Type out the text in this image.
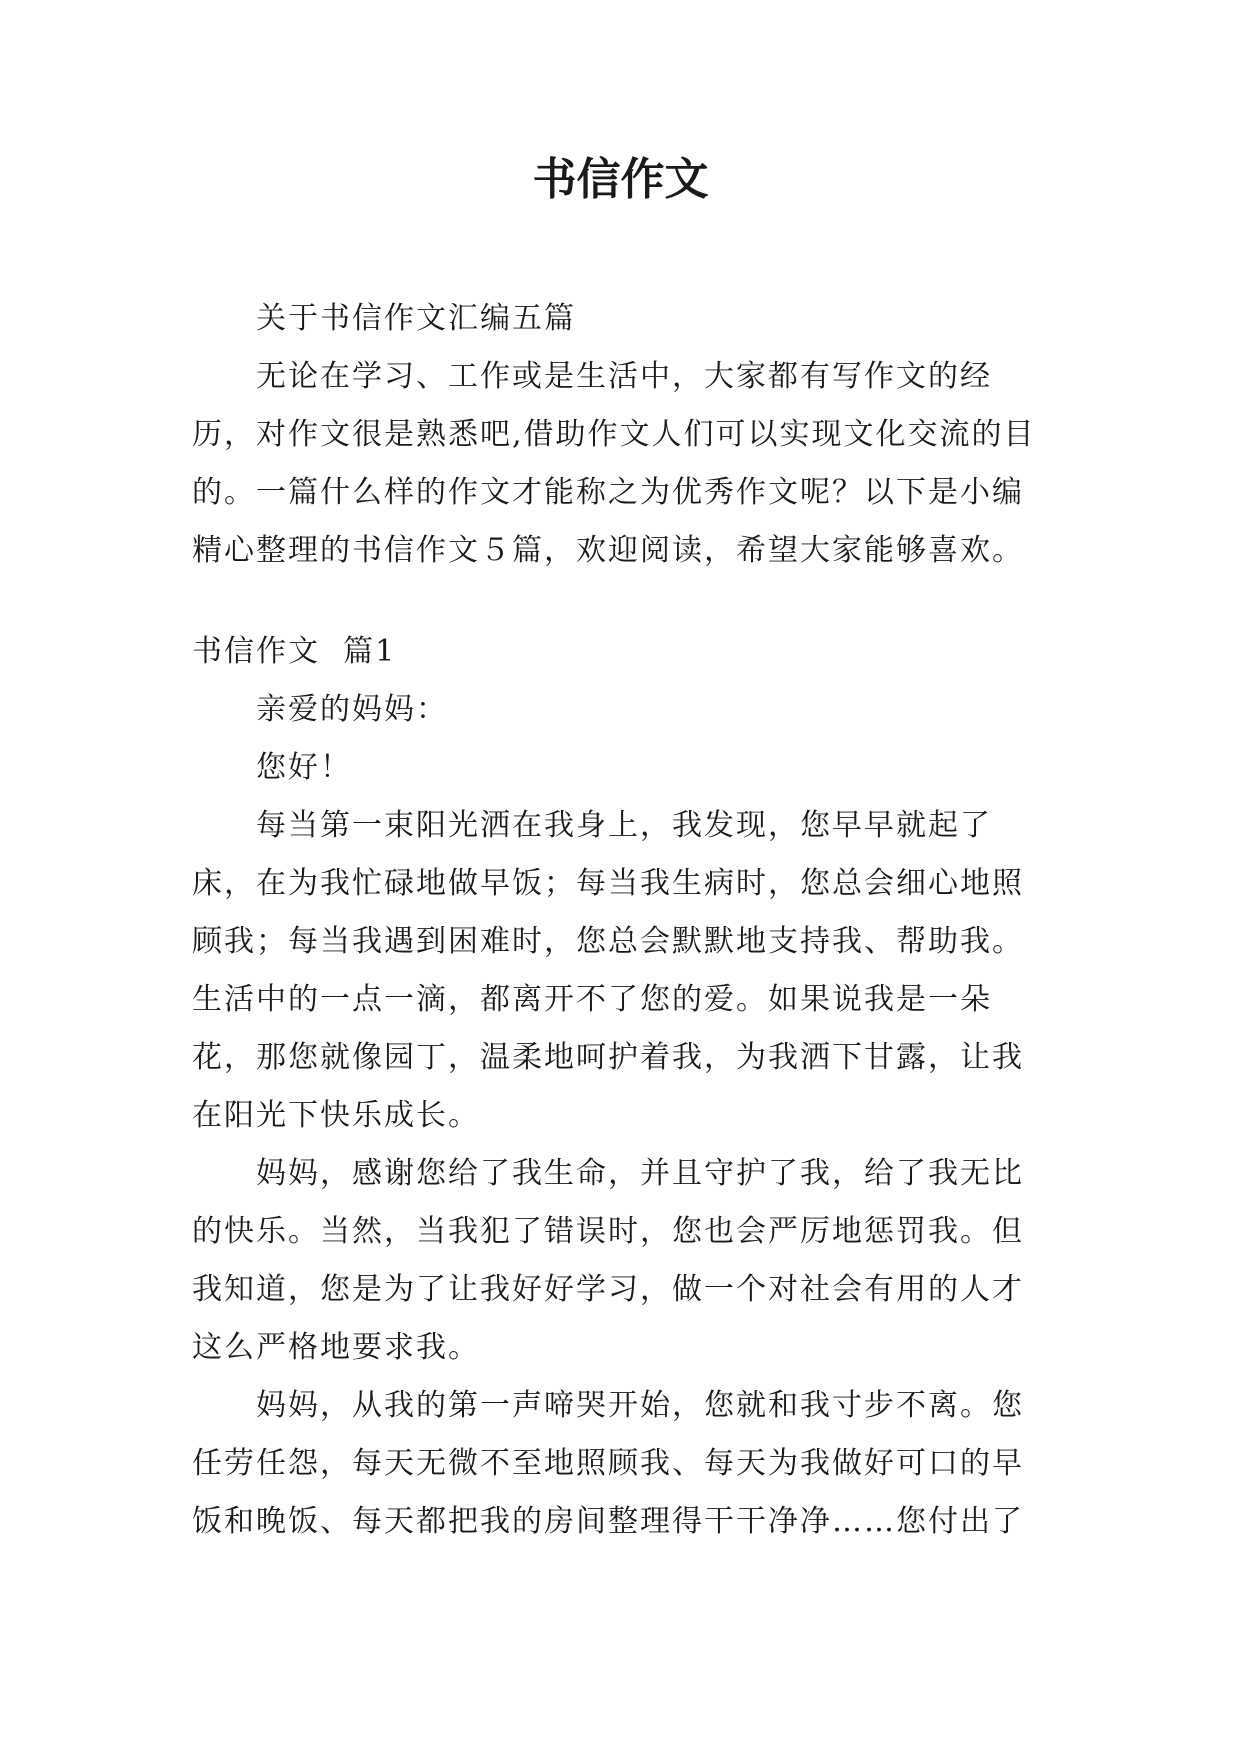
书信作文

关于书信作文汇编五篇

无论在学习、工作或是生活中，大家都有写作文的经历，对作文很是熟悉吧,借助作文人们可以实现文化交流的目的。一篇什么样的作文才能称之为优秀作文呢？以下是小编精心整理的书信作文５篇，欢迎阅读，希望大家能够喜欢。

书信作文  篇1

亲爱的妈妈：

您好！

每当第一束阳光洒在我身上，我发现，您早早就起了床，在为我忙碌地做早饭；每当我生病时，您总会细心地照顾我；每当我遇到困难时，您总会默默地支持我、帮助我。生活中的一点一滴，都离开不了您的爱。如果说我是一朵花，那您就像园丁，温柔地呵护着我，为我洒下甘露，让我在阳光下快乐成长。

妈妈，感谢您给了我生命，并且守护了我，给了我无比的快乐。当然，当我犯了错误时，您也会严厉地惩罚我。但我知道，您是为了让我好好学习，做一个对社会有用的人才这么严格地要求我。

妈妈，从我的第一声啼哭开始，您就和我寸步不离。您任劳任怨，每天无微不至地照顾我、每天为我做好可口的早饭和晚饭、每天都把我的房间整理得干干净净……您付出了
